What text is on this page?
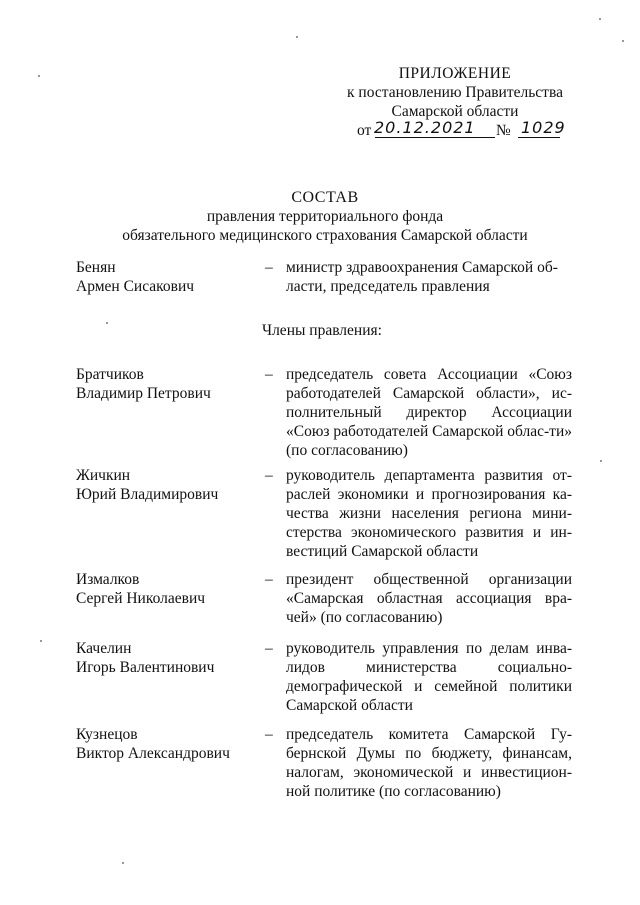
ПРИЛОЖЕНИЕ
к постановлению Правительства
Самарской области
от 20.12.2021 № 1029
СОСТАВ
правления территориального фонда
обязательного медицинского страхования Самарской области
Бенян
Армен Сисакович
– министр здравоохранения Самарской об-
ласти, председатель правления
Члены правления:
Братчиков
Владимир Петрович
– председатель совета Ассоциации «Союз работодателей Самарской области», ис-полнительный директор Ассоциации «Союз работодателей Самарской облас-ти» (по согласованию)
Жичкин
Юрий Владимирович
– руководитель департамента развития от-раслей экономики и прогнозирования ка-чества жизни населения региона мини-стерства экономического развития и ин-вестиций Самарской области
Измалков
Сергей Николаевич
– президент общественной организации «Самарская областная ассоциация вра-чей» (по согласованию)
Качелин
Игорь Валентинович
– руководитель управления по делам инва-лидов министерства социально-демографической и семейной политики Самарской области
Кузнецов
Виктор Александрович
– председатель комитета Самарской Гу-бернской Думы по бюджету, финансам, налогам, экономической и инвестицион-ной политике (по согласованию)
